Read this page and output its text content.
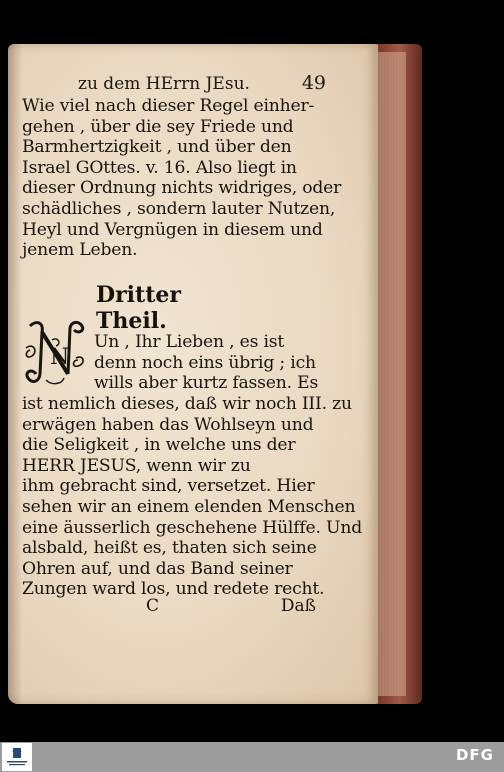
zu dem HErrn JEsu.	49
Wie viel nach dieser Regel einher-
gehen , über die sey Friede und
Barmhertzigkeit , und über den
Israel GOttes. v. 16. Also liegt in
dieser Ordnung nichts widriges, oder
schädliches , sondern lauter Nutzen,
Heyl und Vergnügen in diesem und
jenem Leben.
Dritter Theil.
N
Un , Ihr Lieben , es ist
denn noch eins übrig ; ich
wills aber kurtz fassen. Es
ist nemlich dieses, daß wir noch III. zu
erwägen haben das Wohlseyn und
die Seligkeit , in welche uns der
HERR JESUS, wenn wir zu
ihm gebracht sind, versetzet. Hier
sehen wir an einem elenden Menschen
eine äusserlich geschehene Hülffe. Und
alsbald, heißt es, thaten sich seine
Ohren auf, und das Band seiner
Zungen ward los, und redete recht.
C	Daß
DFG
